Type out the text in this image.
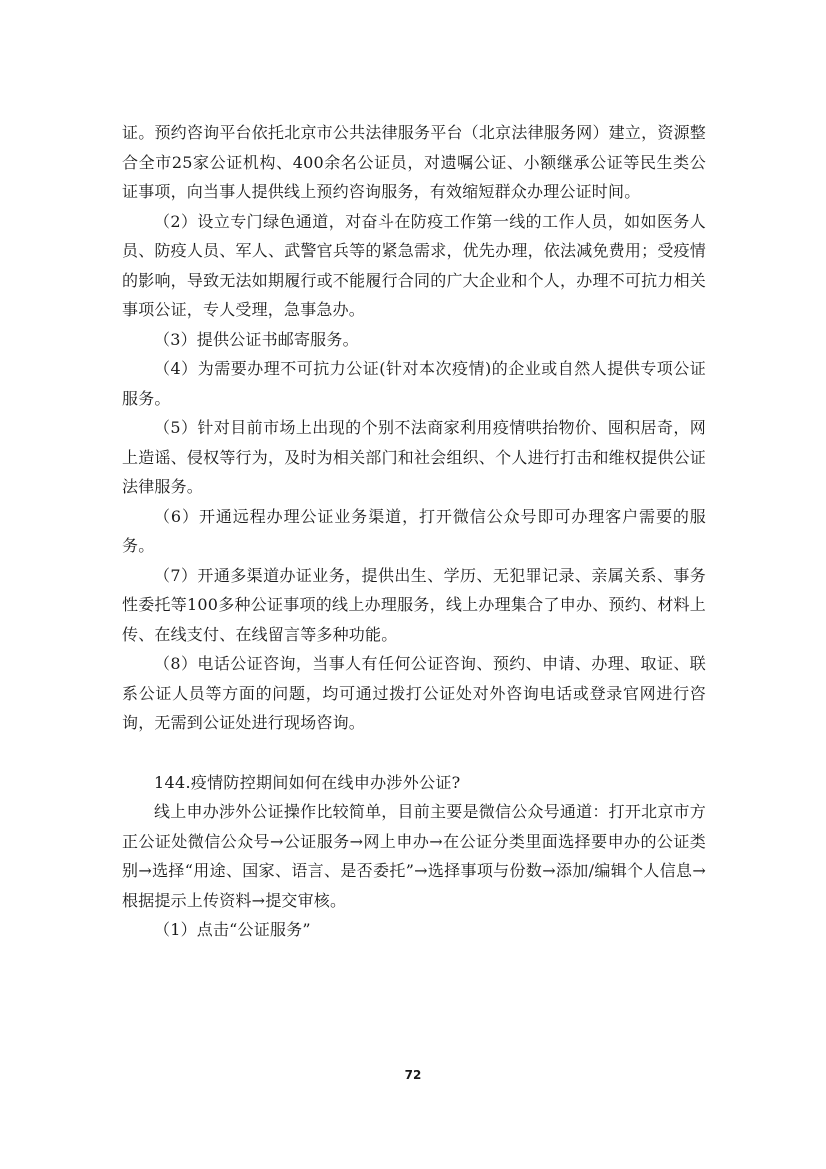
证。预约咨询平台依托北京市公共法律服务平台（北京法律服务网）建立，资源整合全市25家公证机构、400余名公证员，对遗嘱公证、小额继承公证等民生类公证事项，向当事人提供线上预约咨询服务，有效缩短群众办理公证时间。

（2）设立专门绿色通道，对奋斗在防疫工作第一线的工作人员，如如医务人员、防疫人员、军人、武警官兵等的紧急需求，优先办理，依法减免费用；受疫情的影响，导致无法如期履行或不能履行合同的广大企业和个人，办理不可抗力相关事项公证，专人受理，急事急办。

（3）提供公证书邮寄服务。

（4）为需要办理不可抗力公证(针对本次疫情)的企业或自然人提供专项公证服务。

（5）针对目前市场上出现的个别不法商家利用疫情哄抬物价、囤积居奇，网上造谣、侵权等行为，及时为相关部门和社会组织、个人进行打击和维权提供公证法律服务。

（6）开通远程办理公证业务渠道，打开微信公众号即可办理客户需要的服务。

（7）开通多渠道办证业务，提供出生、学历、无犯罪记录、亲属关系、事务性委托等100多种公证事项的线上办理服务，线上办理集合了申办、预约、材料上传、在线支付、在线留言等多种功能。

（8）电话公证咨询，当事人有任何公证咨询、预约、申请、办理、取证、联系公证人员等方面的问题，均可通过拨打公证处对外咨询电话或登录官网进行咨询，无需到公证处进行现场咨询。

144.疫情防控期间如何在线申办涉外公证?

线上申办涉外公证操作比较简单，目前主要是微信公众号通道：打开北京市方正公证处微信公众号→公证服务→网上申办→在公证分类里面选择要申办的公证类别→选择“用途、国家、语言、是否委托”→选择事项与份数→添加/编辑个人信息→根据提示上传资料→提交审核。

（1）点击“公证服务”

72
